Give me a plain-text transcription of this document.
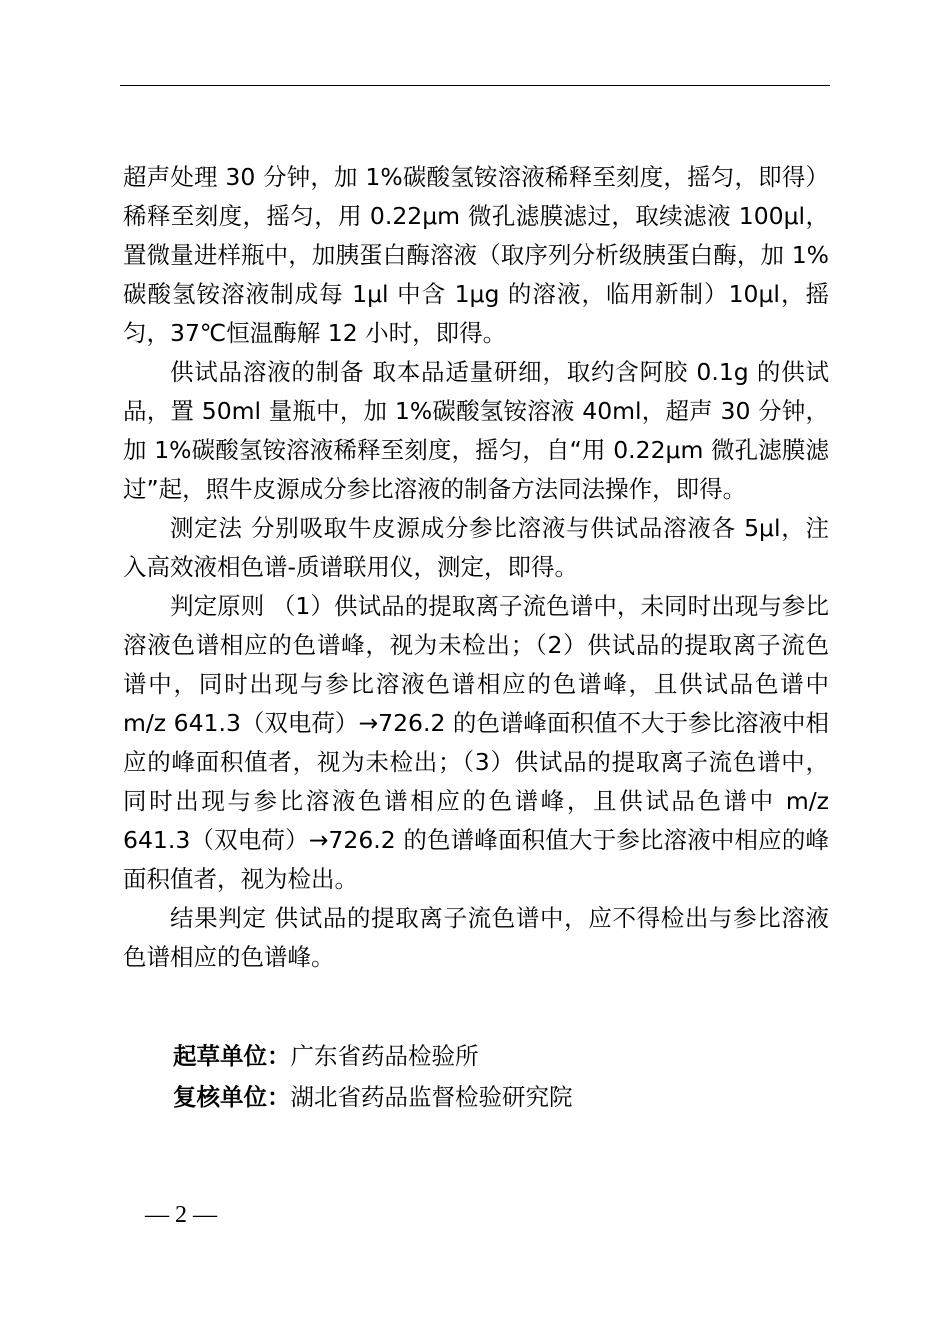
超声处理 30 分钟，加 1%碳酸氢铵溶液稀释至刻度，摇匀，即得）稀释至刻度，摇匀，用 0.22μm 微孔滤膜滤过，取续滤液 100μl，置微量进样瓶中，加胰蛋白酶溶液（取序列分析级胰蛋白酶，加 1%碳酸氢铵溶液制成每 1μl 中含 1μg 的溶液，临用新制）10μl，摇匀，37℃恒温酶解 12 小时，即得。

供试品溶液的制备 取本品适量研细，取约含阿胶 0.1g 的供试品，置 50ml 量瓶中，加 1%碳酸氢铵溶液 40ml，超声 30 分钟，加 1%碳酸氢铵溶液稀释至刻度，摇匀，自“用 0.22μm 微孔滤膜滤过”起，照牛皮源成分参比溶液的制备方法同法操作，即得。

测定法 分别吸取牛皮源成分参比溶液与供试品溶液各 5μl，注入高效液相色谱-质谱联用仪，测定，即得。

判定原则 （1）供试品的提取离子流色谱中，未同时出现与参比溶液色谱相应的色谱峰，视为未检出；（2）供试品的提取离子流色谱中，同时出现与参比溶液色谱相应的色谱峰，且供试品色谱中 m/z 641.3（双电荷）→726.2 的色谱峰面积值不大于参比溶液中相应的峰面积值者，视为未检出；（3）供试品的提取离子流色谱中，同时出现与参比溶液色谱相应的色谱峰，且供试品色谱中 m/z 641.3（双电荷）→726.2 的色谱峰面积值大于参比溶液中相应的峰面积值者，视为检出。

结果判定 供试品的提取离子流色谱中，应不得检出与参比溶液色谱相应的色谱峰。

起草单位：广东省药品检验所
复核单位：湖北省药品监督检验研究院
— 2 —
